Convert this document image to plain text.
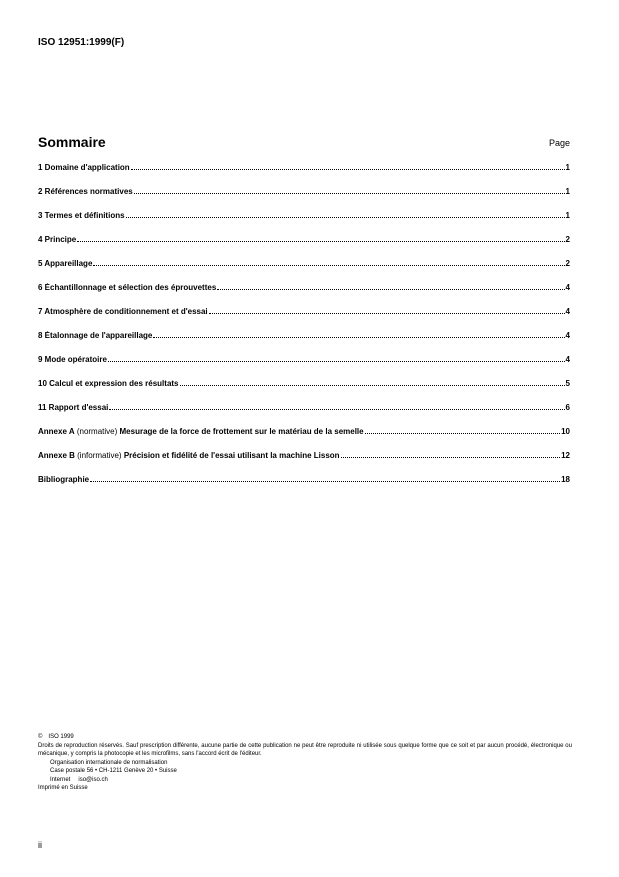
ISO 12951:1999(F)
Sommaire	Page
1 Domaine d'application	1
2 Références normatives	1
3 Termes et définitions	1
4 Principe	2
5 Appareillage	2
6 Échantillonnage et sélection des éprouvettes	4
7 Atmosphère de conditionnement et d'essai	4
8 Étalonnage de l'appareillage	4
9 Mode opératoire	4
10 Calcul et expression des résultats	5
11 Rapport d'essai	6
Annexe A (normative) Mesurage de la force de frottement sur le matériau de la semelle	10
Annexe B (informative) Précision et fidélité de l'essai utilisant la machine Lisson	12
Bibliographie	18
© ISO 1999
Droits de reproduction réservés. Sauf prescription différente, aucune partie de cette publication ne peut être reproduite ni utilisée sous quelque forme que ce soit et par aucun procédé, électronique ou mécanique, y compris la photocopie et les microfilms, sans l'accord écrit de l'éditeur.
Organisation internationale de normalisation
Case postale 56 • CH-1211 Genève 20 • Suisse
Internet iso@iso.ch
Imprimé en Suisse
ii
